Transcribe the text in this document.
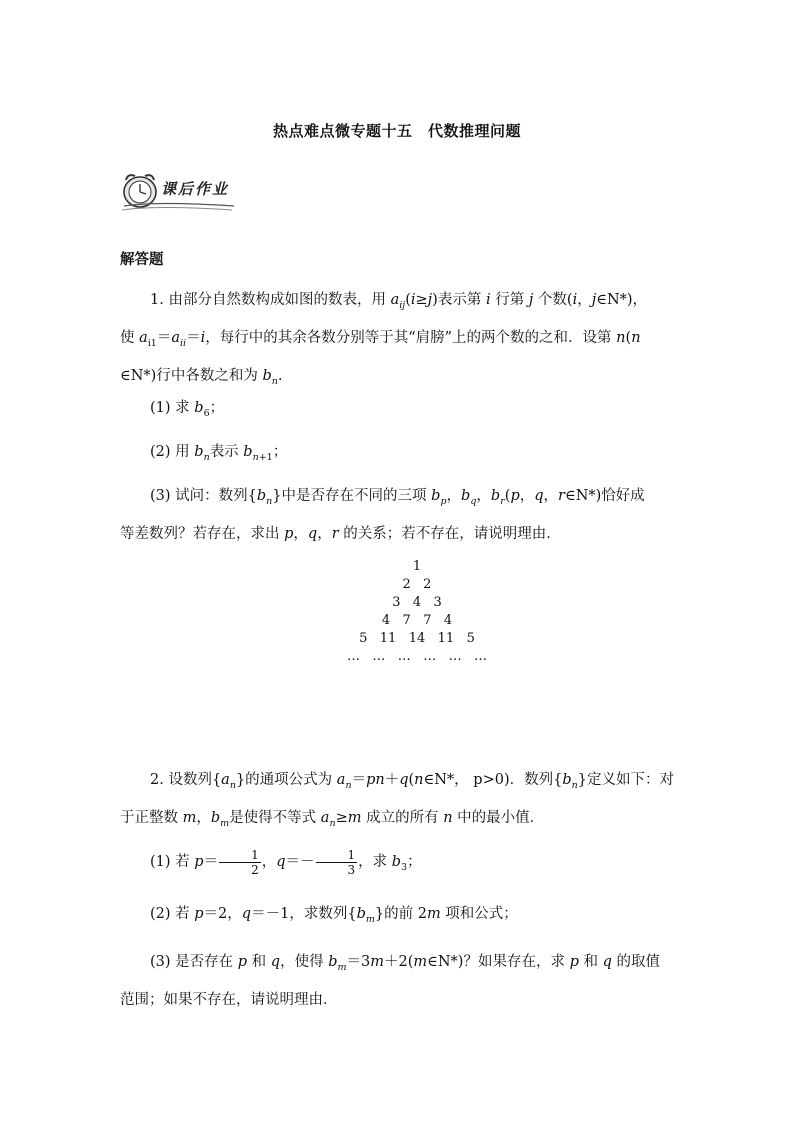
热点难点微专题十五　代数推理问题
课后作业
解答题

1. 由部分自然数构成如图的数表，用 $a_{ij}(i\ge j)$表示第 i 行第 j 个数(i，j∈N*)，
使 $a_{i1}=a_{ii}=i$，每行中的其余各数分别等于其“肩膀”上的两个数的之和．设第 n(n
∈N*)行中各数之和为 $b_n$.

(1) 求 $b_6$；

(2) 用 $b_n$表示 $b_{n+1}$；

(3) 试问：数列$\{b_n\}$中是否存在不同的三项 $b_p$，$b_q$，$b_r(p$，q，r∈N*)恰好成
等差数列？若存在，求出 p，q，r 的关系；若不存在，请说明理由．

1
2   2
3   4   3
4   7   7   4
5   11   14   11   5
…   …   …   …   …   …

2. 设数列$\{a_n\}$的通项公式为 $a_n=pn+q(n\in N*$， p>0)．数列$\{b_n\}$定义如下：对
于正整数 m，$b_m$是使得不等式 $a_n\ge m$ 成立的所有 n 中的最小值．

(1) 若 $p= \frac{1}{2}$ ，$q=- \frac{1}{3}$ ，求 $b_3$；

(2) 若 p＝2，q＝－1，求数列$\{b_m\}$的前 2m 项和公式；

(3) 是否存在 p 和 q，使得 $b_m=3m+2(m\in N*)$？如果存在，求 p 和 q 的取值
范围；如果不存在，请说明理由．
